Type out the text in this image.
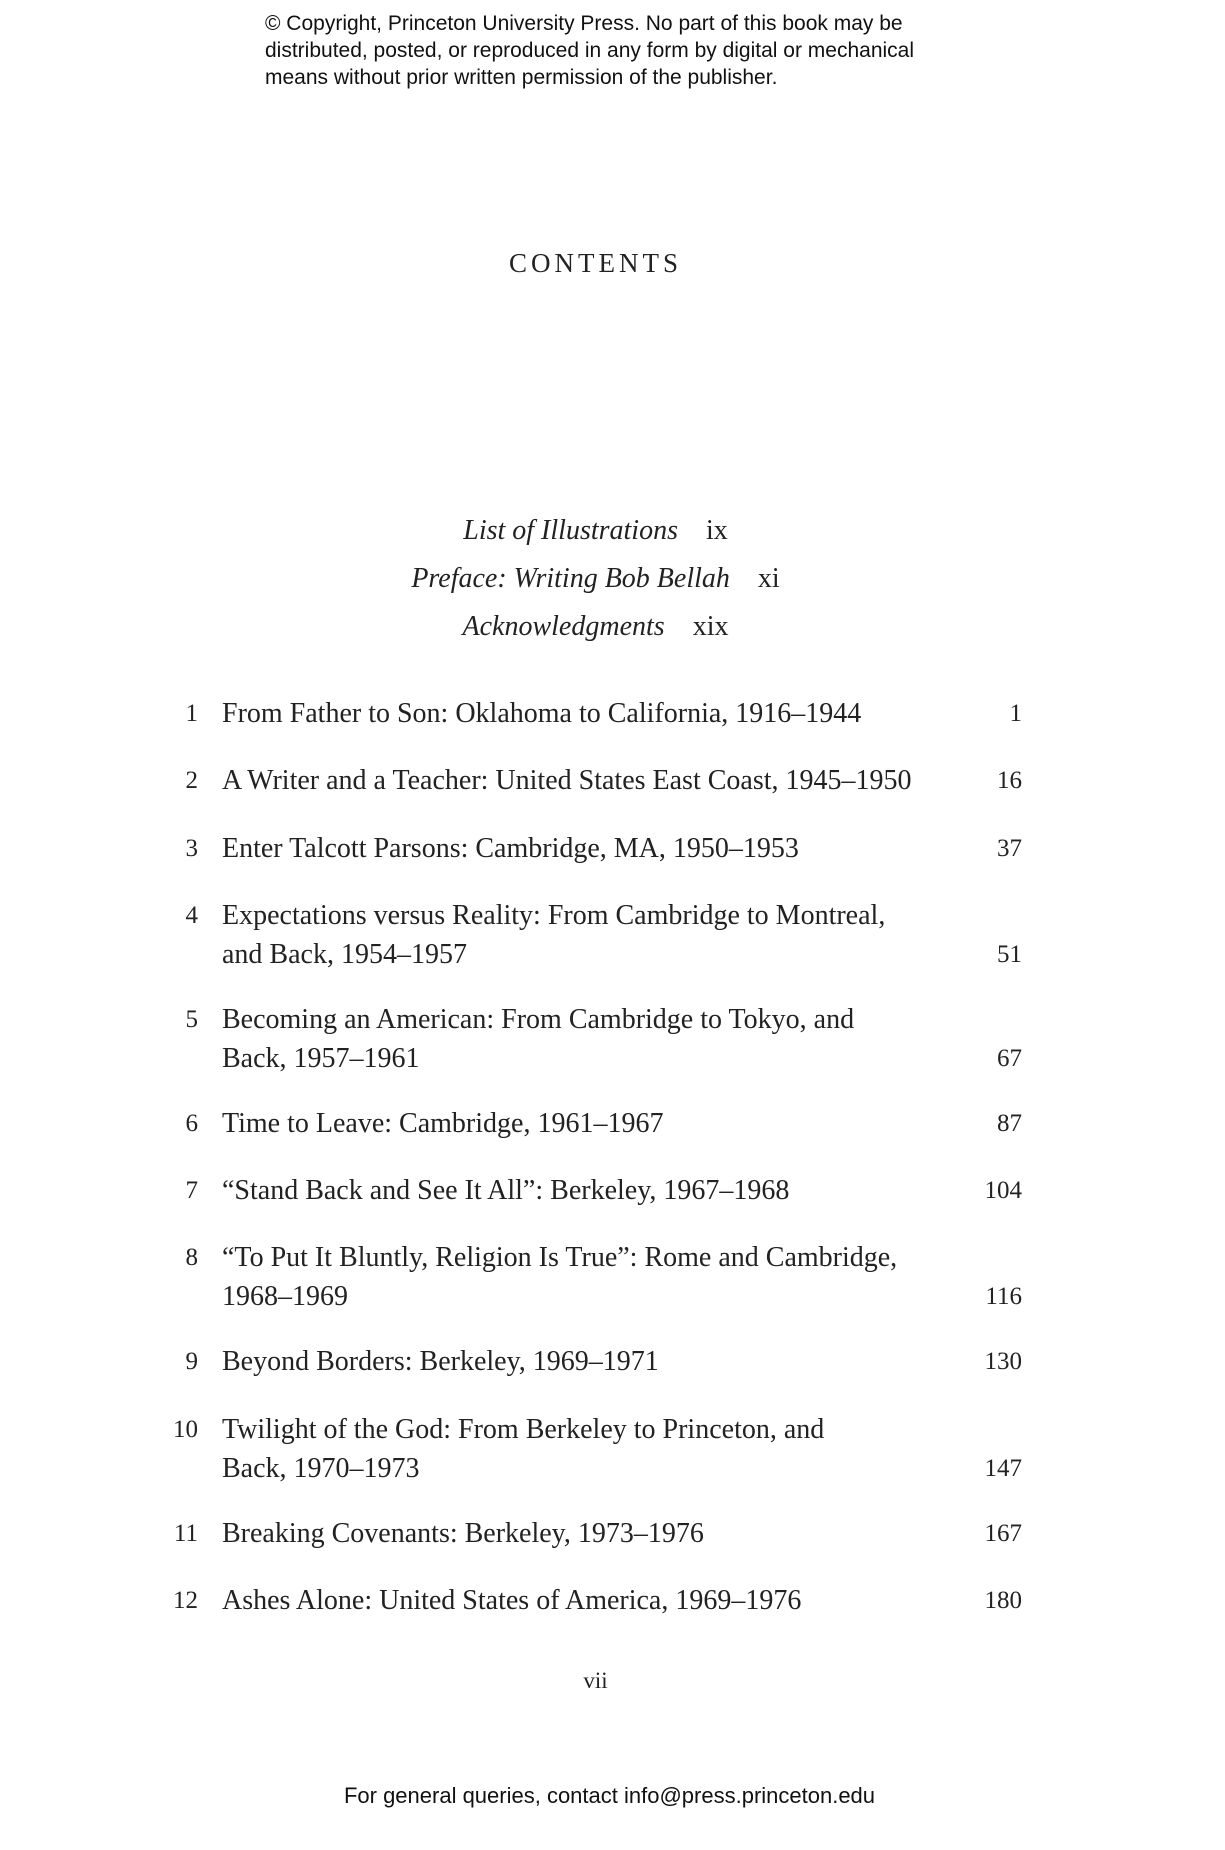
© Copyright, Princeton University Press. No part of this book may be
distributed, posted, or reproduced in any form by digital or mechanical
means without prior written permission of the publisher.
CONTENTS
List of Illustrations ix
Preface: Writing Bob Bellah xi
Acknowledgments xix
1 From Father to Son: Oklahoma to California, 1916–1944	1
2 A Writer and a Teacher: United States East Coast, 1945–1950	16
3 Enter Talcott Parsons: Cambridge, MA, 1950–1953	37
4 Expectations versus Reality: From Cambridge to Montreal,
and Back, 1954–1957	51
5 Becoming an American: From Cambridge to Tokyo, and
Back, 1957–1961	67
6 Time to Leave: Cambridge, 1961–1967	87
7 “Stand Back and See It All”: Berkeley, 1967–1968	104
8 “To Put It Bluntly, Religion Is True”: Rome and Cambridge,
1968–1969	116
9 Beyond Borders: Berkeley, 1969–1971	130
10 Twilight of the God: From Berkeley to Princeton, and
Back, 1970–1973	147
11 Breaking Covenants: Berkeley, 1973–1976	167
12 Ashes Alone: United States of America, 1969–1976	180
vii
For general queries, contact info@press.princeton.edu
